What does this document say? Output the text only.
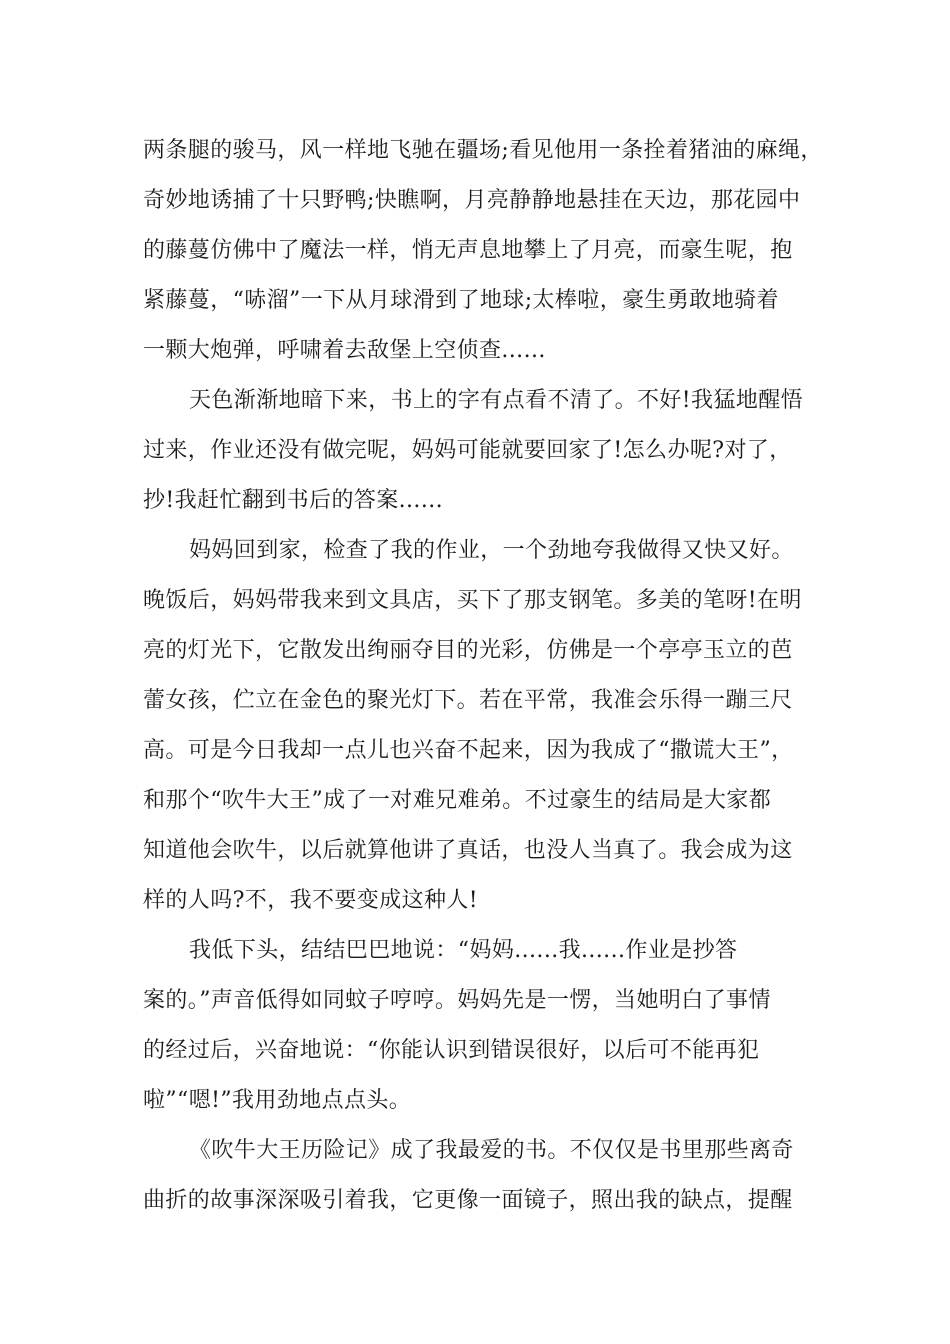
两条腿的骏马，风一样地飞驰在疆场;看见他用一条拴着猪油的麻绳，
奇妙地诱捕了十只野鸭;快瞧啊，月亮静静地悬挂在天边，那花园中
的藤蔓仿佛中了魔法一样，悄无声息地攀上了月亮，而豪生呢，抱
紧藤蔓，“哧溜”一下从月球滑到了地球;太棒啦，豪生勇敢地骑着
一颗大炮弹，呼啸着去敌堡上空侦查......
天色渐渐地暗下来，书上的字有点看不清了。不好!我猛地醒悟
过来，作业还没有做完呢，妈妈可能就要回家了!怎么办呢?对了，
抄!我赶忙翻到书后的答案......
妈妈回到家，检查了我的作业，一个劲地夸我做得又快又好。
晚饭后，妈妈带我来到文具店，买下了那支钢笔。多美的笔呀!在明
亮的灯光下，它散发出绚丽夺目的光彩，仿佛是一个亭亭玉立的芭
蕾女孩，伫立在金色的聚光灯下。若在平常，我准会乐得一蹦三尺
高。可是今日我却一点儿也兴奋不起来，因为我成了“撒谎大王”，
和那个“吹牛大王”成了一对难兄难弟。不过豪生的结局是大家都
知道他会吹牛，以后就算他讲了真话，也没人当真了。我会成为这
样的人吗?不，我不要变成这种人!
我低下头，结结巴巴地说：“妈妈......我......作业是抄答
案的。”声音低得如同蚊子哼哼。妈妈先是一愣，当她明白了事情
的经过后，兴奋地说：“你能认识到错误很好，以后可不能再犯
啦”“嗯!”我用劲地点点头。
《吹牛大王历险记》成了我最爱的书。不仅仅是书里那些离奇
曲折的故事深深吸引着我，它更像一面镜子，照出我的缺点，提醒
